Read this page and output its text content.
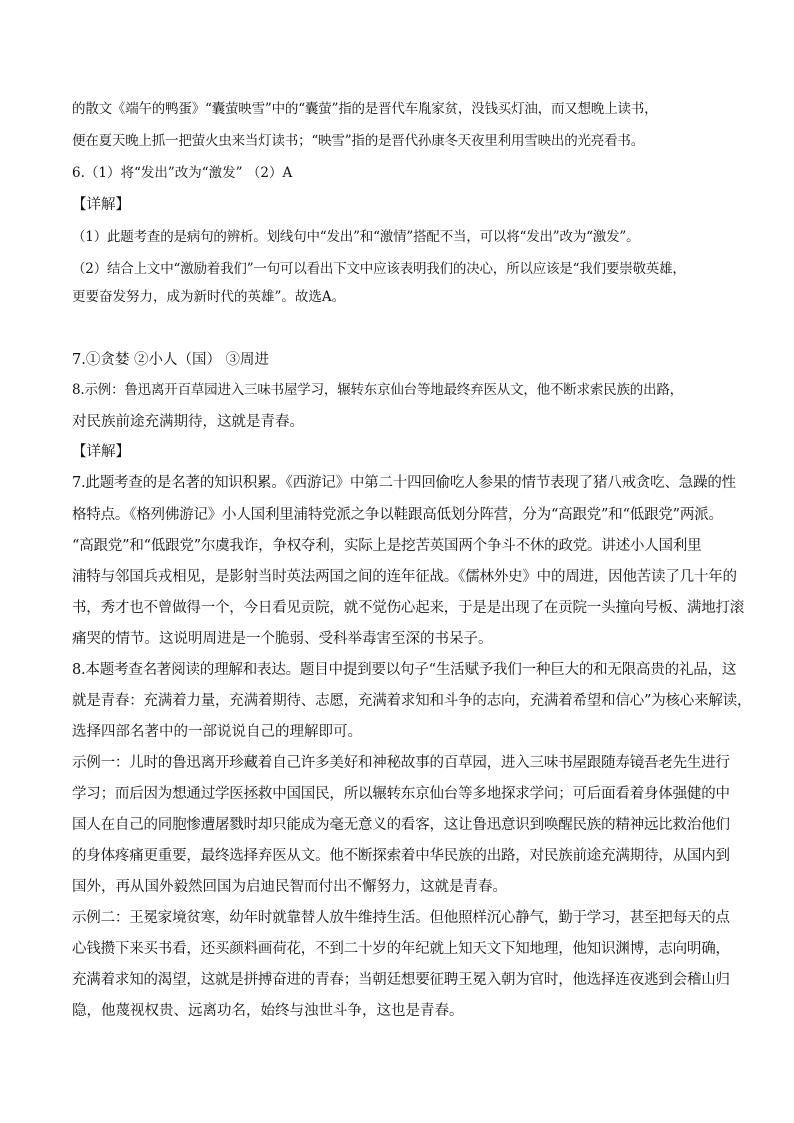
的散文《端午的鸭蛋》“囊萤映雪”中的“囊萤”指的是晋代车胤家贫，没钱买灯油，而又想晚上读书，
便在夏天晚上抓一把萤火虫来当灯读书；“映雪”指的是晋代孙康冬天夜里利用雪映出的光亮看书。
6.（1）将“发出”改为“激发” （2）A
【详解】
（1）此题考查的是病句的辨析。划线句中“发出”和“激情”搭配不当，可以将“发出”改为“激发”。
（2）结合上文中“激励着我们”一句可以看出下文中应该表明我们的决心，所以应该是“我们要崇敬英雄，
更要奋发努力，成为新时代的英雄”。故选A。
7.①贪婪 ②小人（国） ③周进
8.示例：鲁迅离开百草园进入三味书屋学习，辗转东京仙台等地最终弃医从文，他不断求索民族的出路，
对民族前途充满期待，这就是青春。
【详解】
7.此题考查的是名著的知识积累。《西游记》中第二十四回偷吃人参果的情节表现了猪八戒贪吃、急躁的性
格特点。《格列佛游记》小人国利里浦特党派之争以鞋跟高低划分阵营，分为“高跟党”和“低跟党”两派。
“高跟党”和“低跟党”尔虞我诈，争权夺利，实际上是挖苦英国两个争斗不休的政党。讲述小人国利里
浦特与邻国兵戎相见，是影射当时英法两国之间的连年征战。《儒林外史》中的周进，因他苦读了几十年的
书，秀才也不曾做得一个，今日看见贡院，就不觉伤心起来，于是是出现了在贡院一头撞向号板、满地打滚
痛哭的情节。这说明周进是一个脆弱、受科举毒害至深的书呆子。
8.本题考查名著阅读的理解和表达。题目中提到要以句子“生活赋予我们一种巨大的和无限高贵的礼品，这
就是青春：充满着力量，充满着期待、志愿，充满着求知和斗争的志向，充满着希望和信心”为核心来解读，
选择四部名著中的一部说说自己的理解即可。
示例一：儿时的鲁迅离开珍藏着自己许多美好和神秘故事的百草园，进入三味书屋跟随寿镜吾老先生进行
学习；而后因为想通过学医拯救中国国民，所以辗转东京仙台等多地探求学问；可后面看着身体强健的中
国人在自己的同胞惨遭屠戮时却只能成为毫无意义的看客，这让鲁迅意识到唤醒民族的精神远比救治他们
的身体疼痛更重要，最终选择弃医从文。他不断探索着中华民族的出路，对民族前途充满期待，从国内到
国外，再从国外毅然回国为启迪民智而付出不懈努力，这就是青春。
示例二：王冕家境贫寒，幼年时就靠替人放牛维持生活。但他照样沉心静气，勤于学习，甚至把每天的点
心钱攒下来买书看，还买颜料画荷花，不到二十岁的年纪就上知天文下知地理，他知识渊博，志向明确，
充满着求知的渴望，这就是拼搏奋进的青春；当朝廷想要征聘王冕入朝为官时，他选择连夜逃到会稽山归
隐，他蔑视权贵、远离功名，始终与浊世斗争，这也是青春。
